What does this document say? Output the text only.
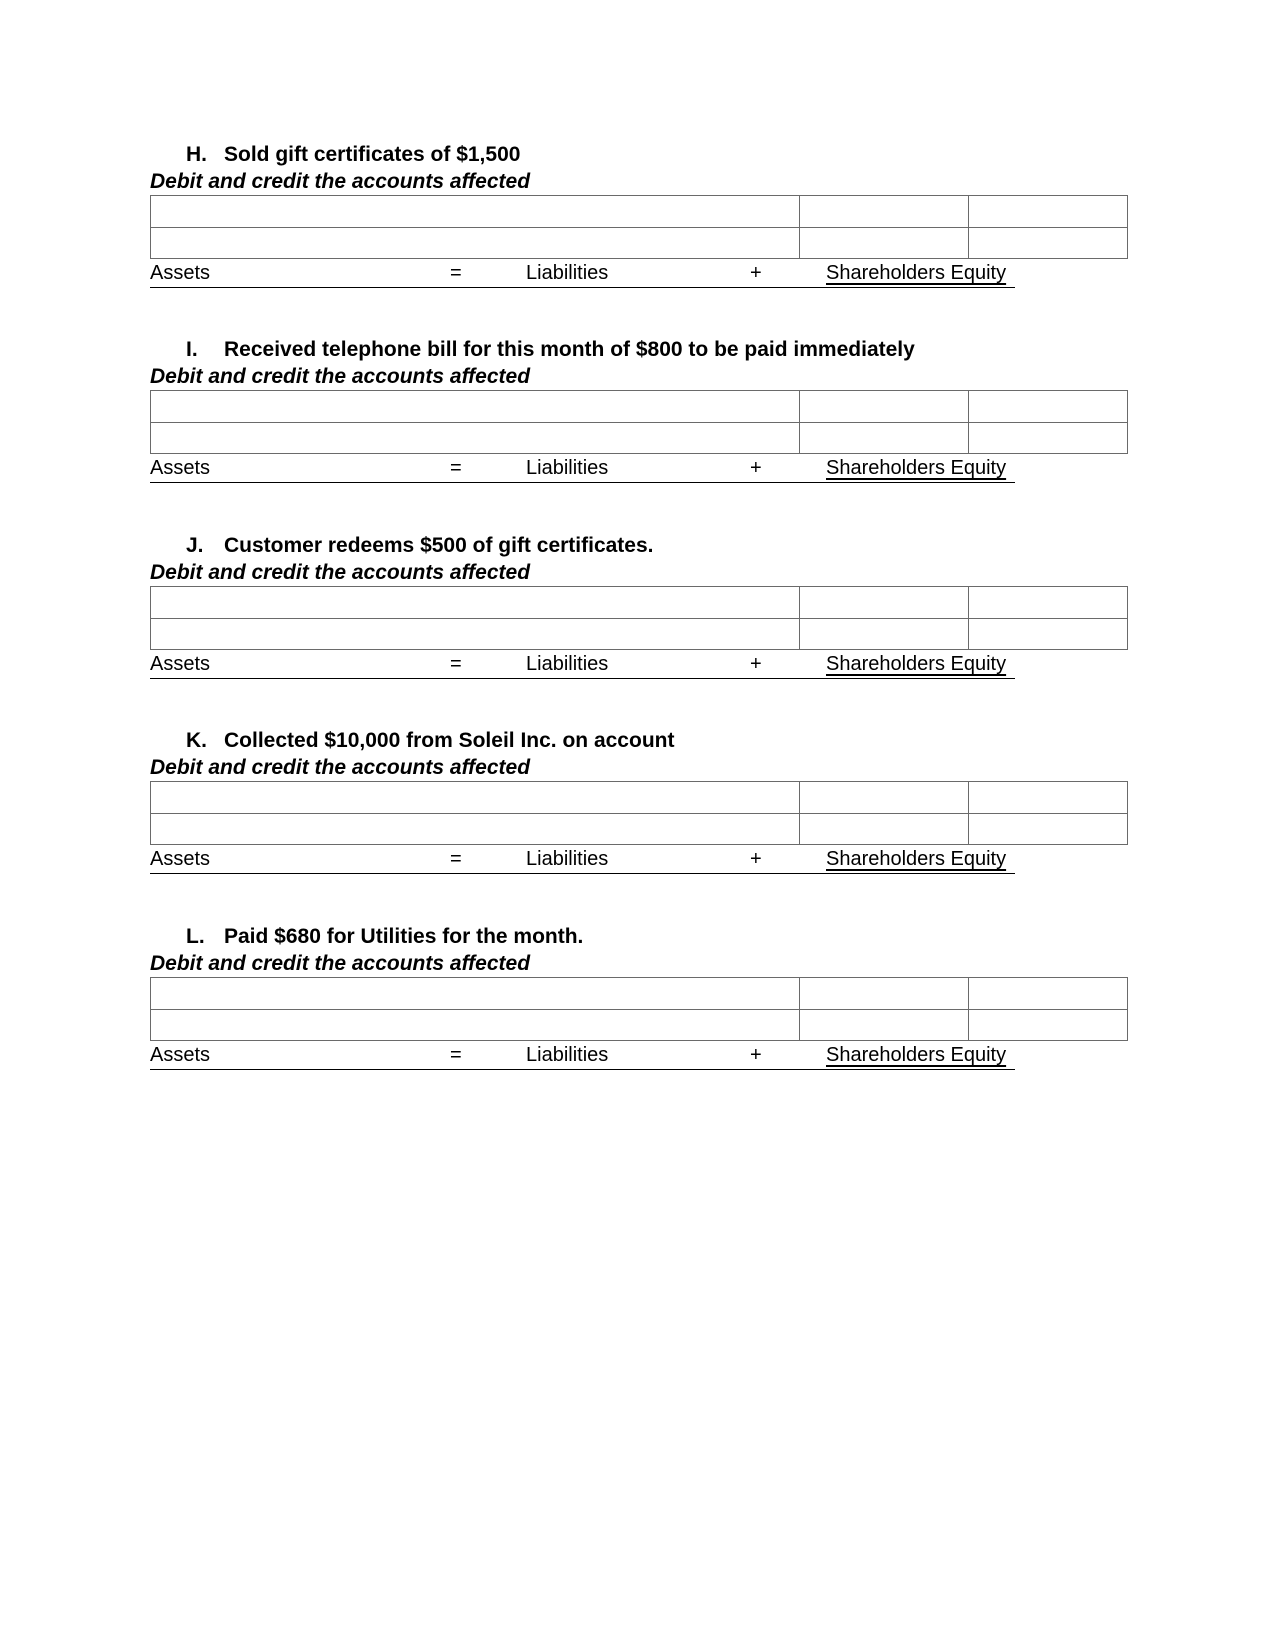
H. Sold gift certificates of $1,500
Debit and credit the accounts affected

Assets	=	Liabilities	+	Shareholders Equity
I. Received telephone bill for this month of $800 to be paid immediately
Debit and credit the accounts affected

Assets	=	Liabilities	+	Shareholders Equity
J. Customer redeems $500 of gift certificates.
Debit and credit the accounts affected

Assets	=	Liabilities	+	Shareholders Equity
K. Collected $10,000 from Soleil Inc. on account
Debit and credit the accounts affected

Assets	=	Liabilities	+	Shareholders Equity
L. Paid $680 for Utilities for the month.
Debit and credit the accounts affected

Assets	=	Liabilities	+	Shareholders Equity
